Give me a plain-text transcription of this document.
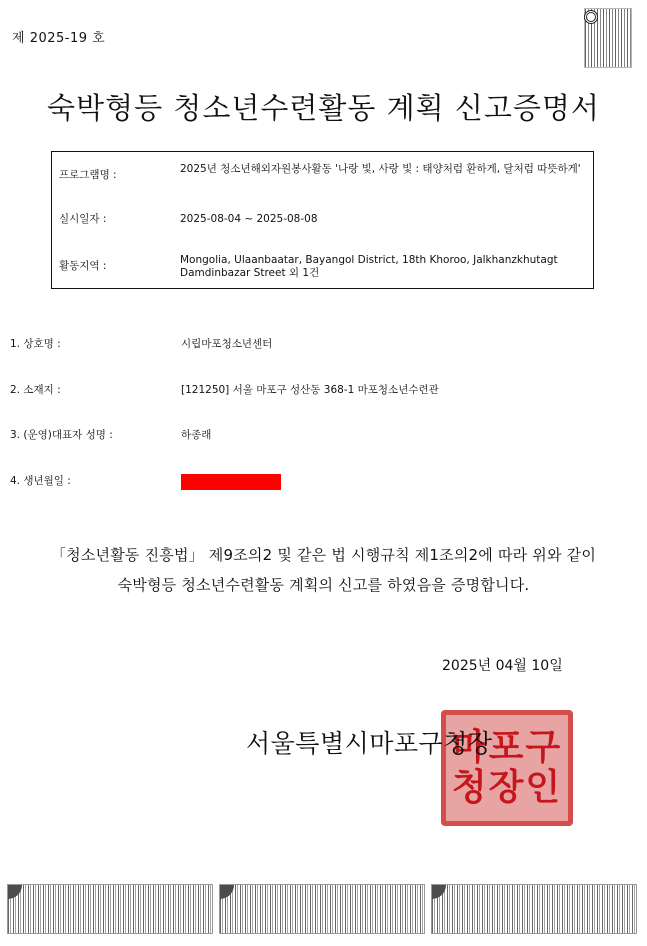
제 2025-19 호
숙박형등 청소년수련활동 계획 신고증명서
프로그램명 :	2025년 청소년해외자원봉사활동 '나랑 빛, 사랑 빛 : 태양처럼 환하게, 달처럼 따뜻하게'
실시일자 :	2025-08-04 ~ 2025-08-08
활동지역 :	Mongolia, Ulaanbaatar, Bayangol District, 18th Khoroo, Jalkhanzkhutagt Damdinbazar Street 외 1건
1. 상호명 :	시립마포청소년센터
2. 소재지 :	[121250] 서울 마포구 성산동 368-1 마포청소년수련관
3. (운영)대표자 성명 :	하종래
4. 생년월일 :
「청소년활동 진흥법」 제9조의2 및 같은 법 시행규칙 제1조의2에 따라 위와 같이
숙박형등 청소년수련활동 계획의 신고를 하였음을 증명합니다.
2025년 04월 10일
마포구
청장인
서울특별시마포구청장
